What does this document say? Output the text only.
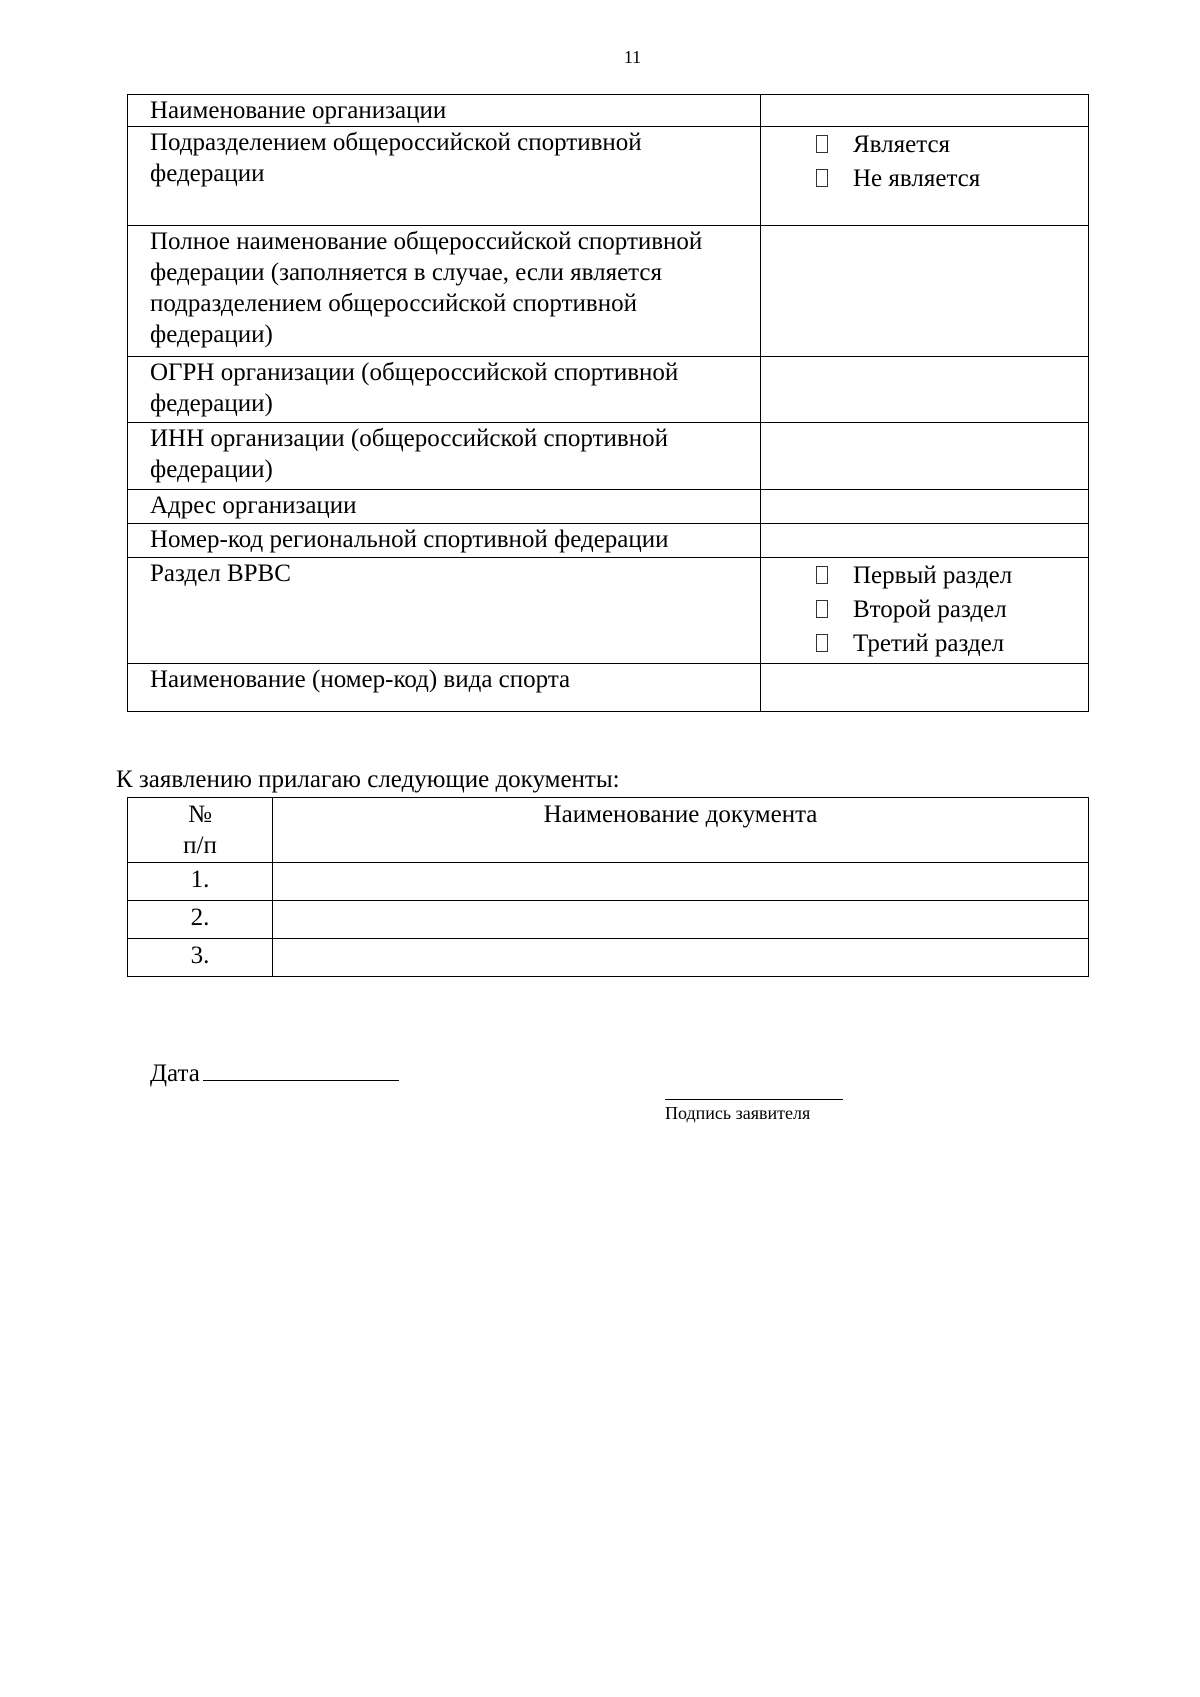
11
Наименование организации	
Подразделением общероссийской спортивной федерации	Является
Не является

Полное наименование общероссийской спортивной федерации (заполняется в случае, если является подразделением общероссийской спортивной федерации)	
ОГРН организации (общероссийской спортивной федерации)	
ИНН организации (общероссийской спортивной федерации)	
Адрес организации	
Номер-код региональной спортивной федерации	
Раздел ВРВС	Первый раздел
Второй раздел
Третий раздел

Наименование (номер-код) вида спорта	
К заявлению прилагаю следующие документы:
№
п/п	Наименование документа
1.	
2.	
3.	
Дата
Подпись заявителя
